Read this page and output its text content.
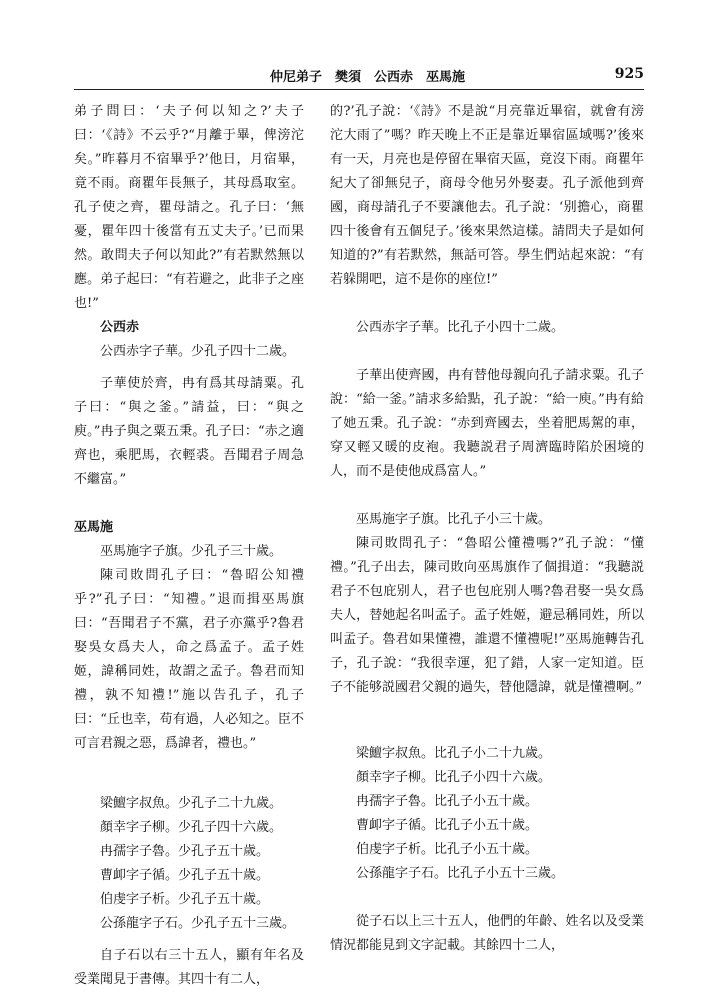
仲尼弟子　樊須　公西赤　巫馬施	925

弟子問曰：‘夫子何以知之?’夫子曰：‘《詩》不云乎?“月離于畢，俾滂沱矣。”昨暮月不宿畢乎?’他日，月宿畢，竟不雨。商瞿年長無子，其母爲取室。孔子使之齊，瞿母請之。孔子曰：‘無憂，瞿年四十後當有五丈夫子。’已而果然。敢問夫子何以知此?”有若默然無以應。弟子起曰：“有若避之，此非子之座也!”

公西赤

公西赤字子華。少孔子四十二歲。

子華使於齊，冉有爲其母請粟。孔子曰：“與之釜。”請益，曰：“與之庾。”冉子與之粟五秉。孔子曰：“赤之適齊也，乘肥馬，衣輕裘。吾聞君子周急不繼富。”

巫馬施

巫馬施字子旗。少孔子三十歲。

陳司敗問孔子曰：“魯昭公知禮乎?”孔子曰：“知禮。”退而揖巫馬旗曰：“吾聞君子不黨，君子亦黨乎?魯君娶吳女爲夫人，命之爲孟子。孟子姓姬，諱稱同姓，故謂之孟子。魯君而知禮，孰不知禮!”施以告孔子，孔子曰：“丘也幸，苟有過，人必知之。臣不可言君親之惡，爲諱者，禮也。”

梁鱣字叔魚。少孔子二十九歲。

顏幸字子柳。少孔子四十六歲。

冉孺字子魯。少孔子五十歲。

曹卹字子循。少孔子五十歲。

伯虔字子析。少孔子五十歲。

公孫龍字子石。少孔子五十三歲。

自子石以右三十五人，顯有年名及受業聞見于書傳。其四十有二人，

的?’孔子說：‘《詩》不是說“月亮靠近畢宿，就會有滂沱大雨了”嗎？昨天晚上不正是靠近畢宿區域嗎?’後來有一天，月亮也是停留在畢宿天區，竟沒下雨。商瞿年紀大了卻無兒子，商母令他另外娶妻。孔子派他到齊國，商母請孔子不要讓他去。孔子說：‘别擔心，商瞿四十後會有五個兒子。’後來果然這樣。請問夫子是如何知道的?”有若默然，無話可答。學生們站起來說：“有若躲開吧，這不是你的座位!”

公西赤字子華。比孔子小四十二歲。

子華出使齊國，冉有替他母親向孔子請求粟。孔子說：“給一釜。”請求多給點，孔子說：“給一庾。”冉有給了她五秉。孔子說：“赤到齊國去，坐着肥馬駕的車，穿又輕又暖的皮袍。我聽説君子周濟臨時陷於困境的人，而不是使他成爲富人。”

巫馬施字子旗。比孔子小三十歲。

陳司敗問孔子：“魯昭公懂禮嗎?”孔子說：“懂禮。”孔子出去，陳司敗向巫馬旗作了個揖道：“我聽説君子不包庇别人，君子也包庇别人嗎?魯君娶一吳女爲夫人，替她起名叫孟子。孟子姓姬，避忌稱同姓，所以叫孟子。魯君如果懂禮，誰還不懂禮呢!”巫馬施轉告孔子，孔子說：“我很幸運，犯了錯，人家一定知道。臣子不能够説國君父親的過失，替他隱諱，就是懂禮啊。”

梁鱣字叔魚。比孔子小二十九歲。

顏幸字子柳。比孔子小四十六歲。

冉孺字子魯。比孔子小五十歲。

曹卹字子循。比孔子小五十歲。

伯虔字子析。比孔子小五十歲。

公孫龍字子石。比孔子小五十三歲。

從子石以上三十五人，他們的年齡、姓名以及受業情況都能見到文字記載。其餘四十二人，
